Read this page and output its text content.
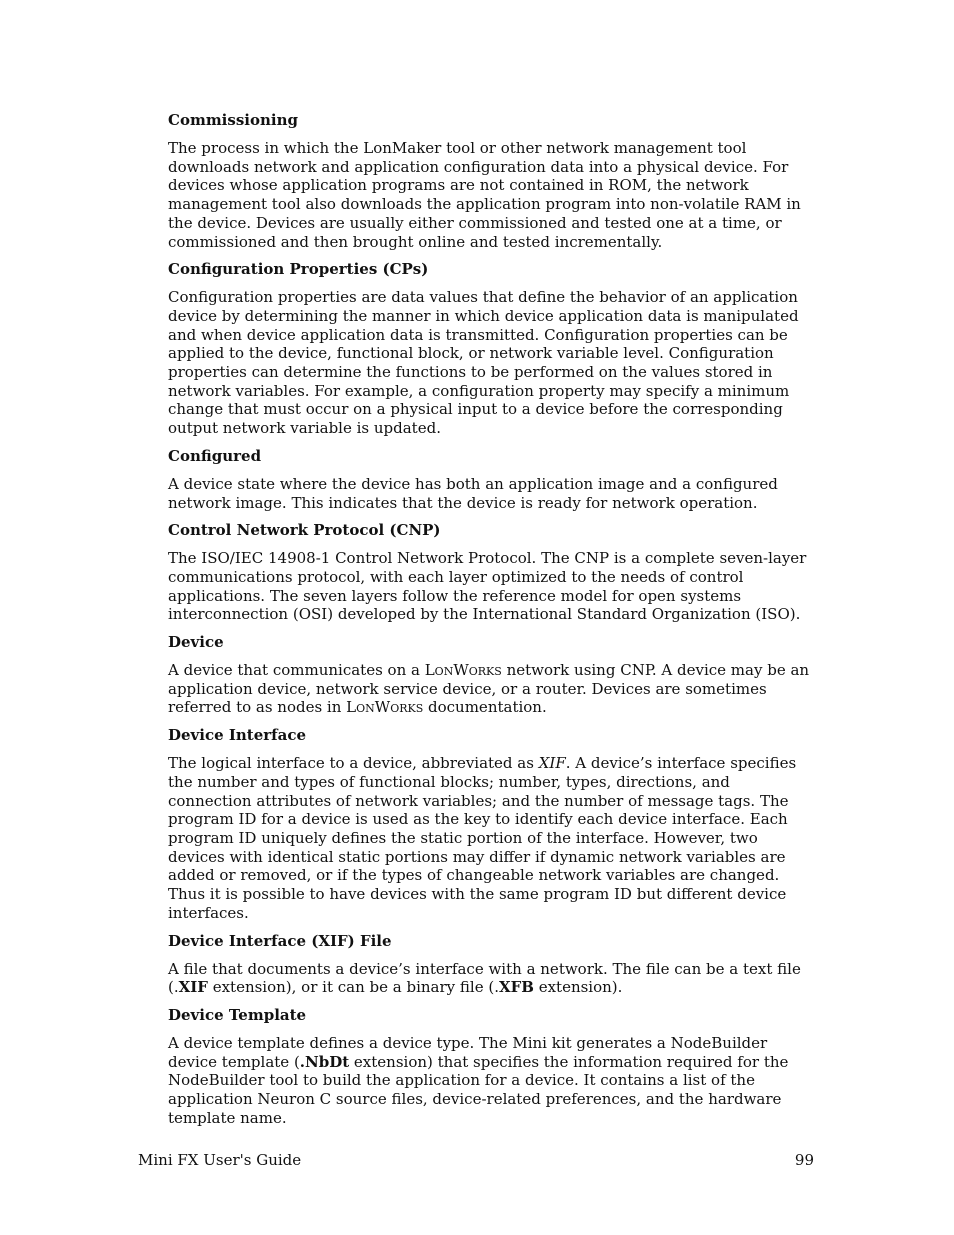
Commissioning
The process in which the LonMaker tool or other network management tool downloads network and application configuration data into a physical device. For devices whose application programs are not contained in ROM, the network management tool also downloads the application program into non-volatile RAM in the device. Devices are usually either commissioned and tested one at a time, or commissioned and then brought online and tested incrementally.
Configuration Properties (CPs)
Configuration properties are data values that define the behavior of an application device by determining the manner in which device application data is manipulated and when device application data is transmitted. Configuration properties can be applied to the device, functional block, or network variable level. Configuration properties can determine the functions to be performed on the values stored in network variables. For example, a configuration property may specify a minimum change that must occur on a physical input to a device before the corresponding output network variable is updated.
Configured
A device state where the device has both an application image and a configured network image. This indicates that the device is ready for network operation.
Control Network Protocol (CNP)
The ISO/IEC 14908-1 Control Network Protocol. The CNP is a complete seven-layer communications protocol, with each layer optimized to the needs of control applications. The seven layers follow the reference model for open systems interconnection (OSI) developed by the International Standard Organization (ISO).
Device
A device that communicates on a LonWorks network using CNP. A device may be an application device, network service device, or a router. Devices are sometimes referred to as nodes in LonWorks documentation.
Device Interface
The logical interface to a device, abbreviated as XIF. A device’s interface specifies the number and types of functional blocks; number, types, directions, and connection attributes of network variables; and the number of message tags. The program ID for a device is used as the key to identify each device interface. Each program ID uniquely defines the static portion of the interface. However, two devices with identical static portions may differ if dynamic network variables are added or removed, or if the types of changeable network variables are changed. Thus it is possible to have devices with the same program ID but different device interfaces.
Device Interface (XIF) File
A file that documents a device’s interface with a network. The file can be a text file (.XIF extension), or it can be a binary file (.XFB extension).
Device Template
A device template defines a device type. The Mini kit generates a NodeBuilder device template (.NbDt extension) that specifies the information required for the NodeBuilder tool to build the application for a device. It contains a list of the application Neuron C source files, device-related preferences, and the hardware template name.
Mini FX User's Guide	99
